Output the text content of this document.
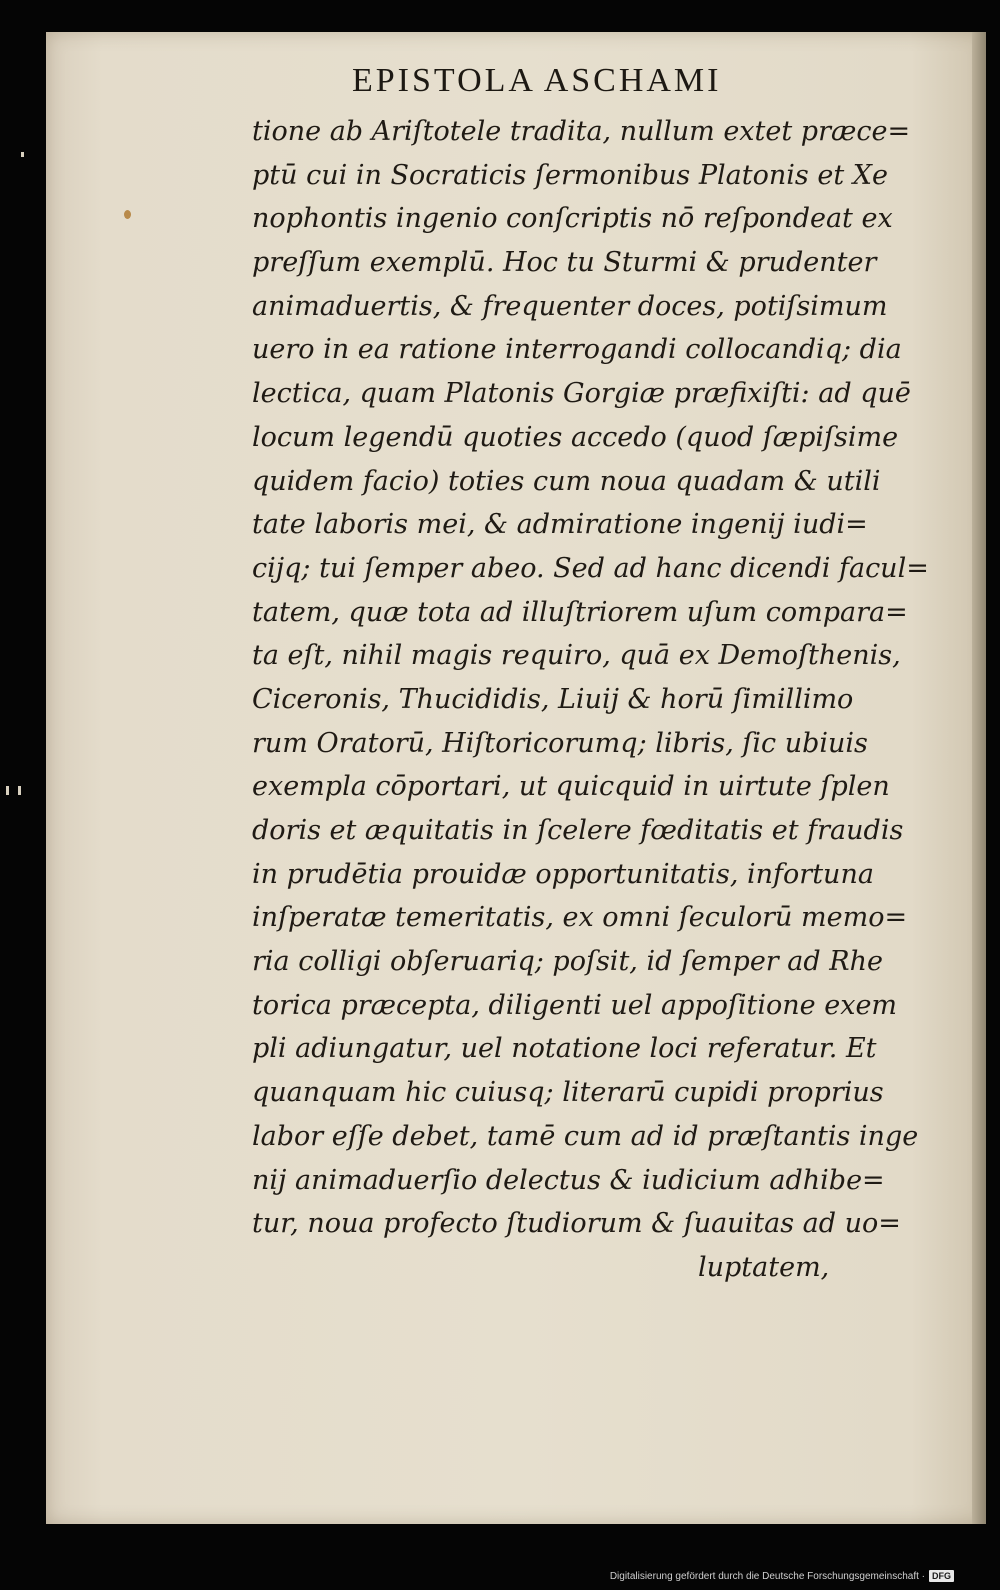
EPISTOLA ASCHAMI
tione ab Ariſtotele tradita, nullum extet præce=
ptū cui in Socraticis ſermonibus Platonis et Xe
nophontis ingenio conſcriptis nō reſpondeat ex
preſſum exemplū. Hoc tu Sturmi & prudenter
animaduertis, & frequenter doces, potiſsimum
uero in ea ratione interrogandi collocandiq; dia
lectica, quam Platonis Gorgiæ præfixiſti: ad quē
locum legendū quoties accedo (quod ſæpiſsime
quidem facio) toties cum noua quadam & utili
tate laboris mei, & admiratione ingenij iudi=
cijq; tui ſemper abeo. Sed ad hanc dicendi facul=
tatem, quæ tota ad illuſtriorem uſum compara=
ta eſt, nihil magis requiro, quā ex Demoſthenis,
Ciceronis, Thucididis, Liuij & horū ſimillimo
rum Oratorū, Hiſtoricorumq; libris, ſic ubiuis
exempla cōportari, ut quicquid in uirtute ſplen
doris et æquitatis in ſcelere fœditatis et fraudis
in prudētia prouidæ opportunitatis, infortuna
inſperatæ temeritatis, ex omni ſeculorū memo=
ria colligi obſeruariq; poſsit, id ſemper ad Rhe
torica præcepta, diligenti uel appoſitione exem
pli adiungatur, uel notatione loci referatur. Et
quanquam hic cuiusq; literarū cupidi proprius
labor eſſe debet, tamē cum ad id præſtantis inge
nij animaduerſio delectus & iudicium adhibe=
tur, noua profecto ſtudiorum & ſuauitas ad uo=
luptatem,
Digitalisierung gefördert durch die Deutsche Forschungsgemeinschaft · DFG
